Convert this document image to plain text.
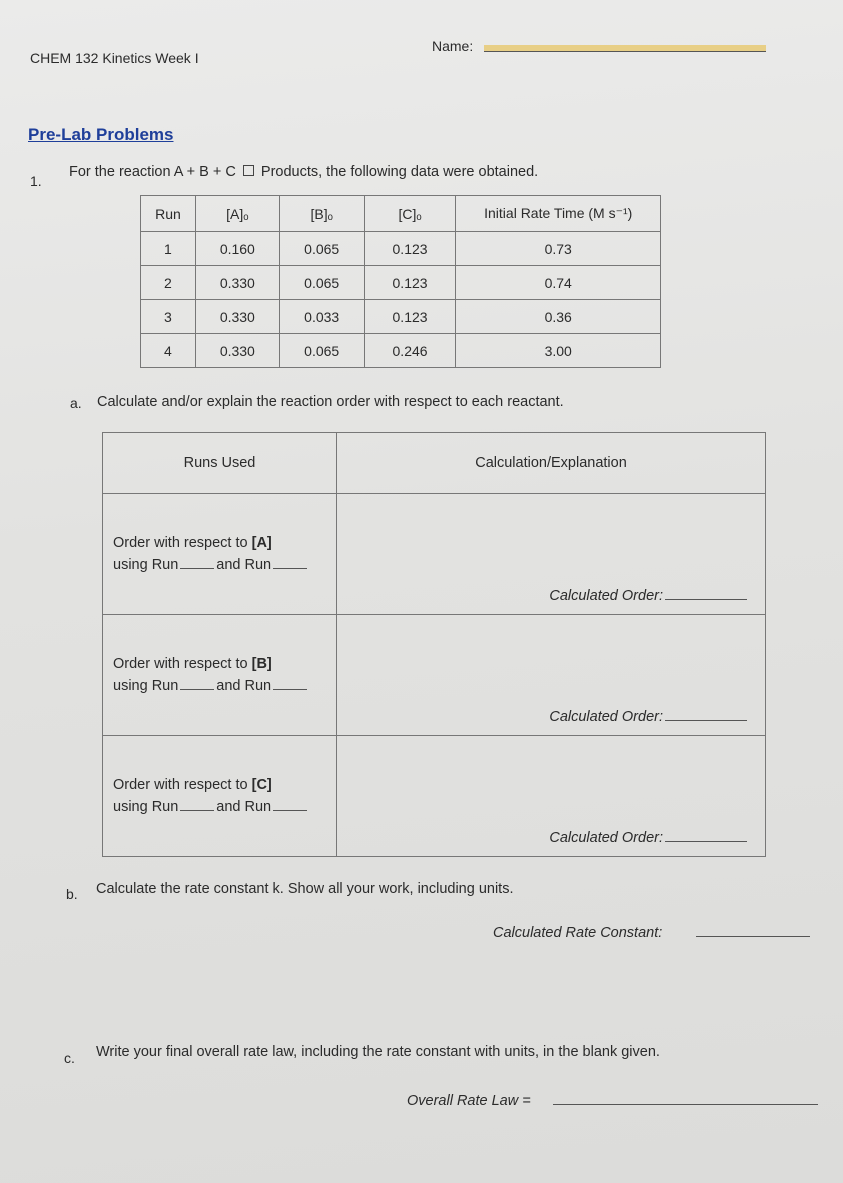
CHEM 132 Kinetics Week I
Name:
Pre-Lab Problems
1.
For the reaction A + B + C Products, the following data were obtained.
Run	[A]ₒ	[B]ₒ	[C]ₒ	Initial Rate Time (M s⁻¹)
1	0.160	0.065	0.123	0.73
2	0.330	0.065	0.123	0.74
3	0.330	0.033	0.123	0.36
4	0.330	0.065	0.246	3.00
a. Calculate and/or explain the reaction order with respect to each reactant.
Runs Used	Calculation/Explanation

Order with respect to [A]
using Run and Run	Calculated Order:

Order with respect to [B]
using Run and Run	Calculated Order:

Order with respect to [C]
using Run and Run	Calculated Order:
b. Calculate the rate constant k. Show all your work, including units.
Calculated Rate Constant:
c. Write your final overall rate law, including the rate constant with units, in the blank given.
Overall Rate Law =
